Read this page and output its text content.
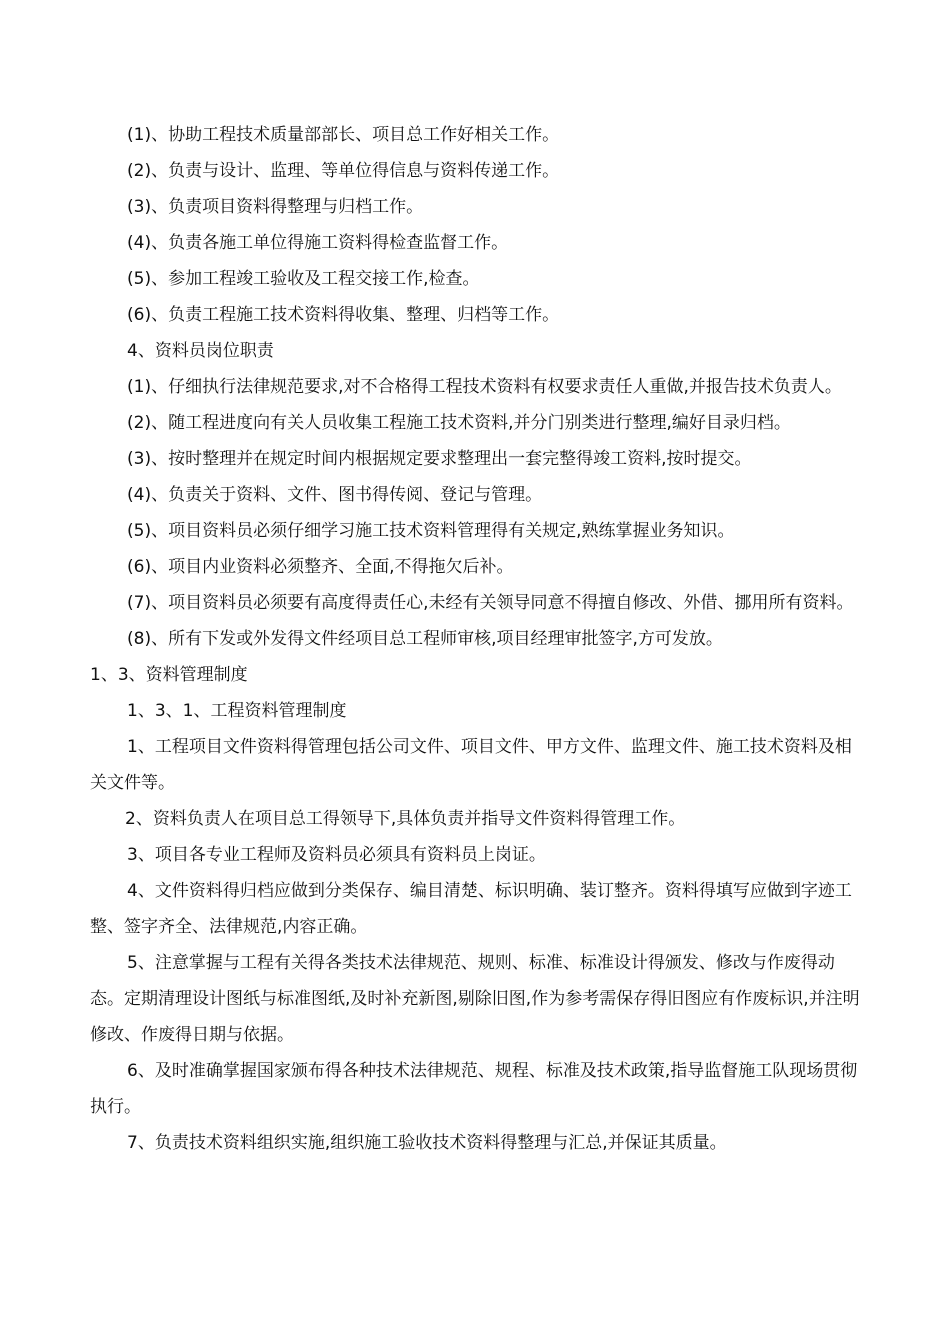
(1)、协助工程技术质量部部长、项目总工作好相关工作。

(2)、负责与设计、监理、等单位得信息与资料传递工作。

(3)、负责项目资料得整理与归档工作。

(4)、负责各施工单位得施工资料得检查监督工作。

(5)、参加工程竣工验收及工程交接工作,检查。

(6)、负责工程施工技术资料得收集、整理、归档等工作。

4、资料员岗位职责

(1)、仔细执行法律规范要求,对不合格得工程技术资料有权要求责任人重做,并报告技术负责人。

(2)、随工程进度向有关人员收集工程施工技术资料,并分门别类进行整理,编好目录归档。

(3)、按时整理并在规定时间内根据规定要求整理出一套完整得竣工资料,按时提交。

(4)、负责关于资料、文件、图书得传阅、登记与管理。

(5)、项目资料员必须仔细学习施工技术资料管理得有关规定,熟练掌握业务知识。

(6)、项目内业资料必须整齐、全面,不得拖欠后补。

(7)、项目资料员必须要有高度得责任心,未经有关领导同意不得擅自修改、外借、挪用所有资料。

(8)、所有下发或外发得文件经项目总工程师审核,项目经理审批签字,方可发放。

1、3、资料管理制度

1、3、1、工程资料管理制度

1、工程项目文件资料得管理包括公司文件、项目文件、甲方文件、监理文件、施工技术资料及相关文件等。

2、资料负责人在项目总工得领导下,具体负责并指导文件资料得管理工作。

3、项目各专业工程师及资料员必须具有资料员上岗证。

4、文件资料得归档应做到分类保存、编目清楚、标识明确、装订整齐。资料得填写应做到字迹工整、签字齐全、法律规范,内容正确。

5、注意掌握与工程有关得各类技术法律规范、规则、标准、标准设计得颁发、修改与作废得动态。定期清理设计图纸与标准图纸,及时补充新图,剔除旧图,作为参考需保存得旧图应有作废标识,并注明修改、作废得日期与依据。

6、及时准确掌握国家颁布得各种技术法律规范、规程、标准及技术政策,指导监督施工队现场贯彻执行。

7、负责技术资料组织实施,组织施工验收技术资料得整理与汇总,并保证其质量。
